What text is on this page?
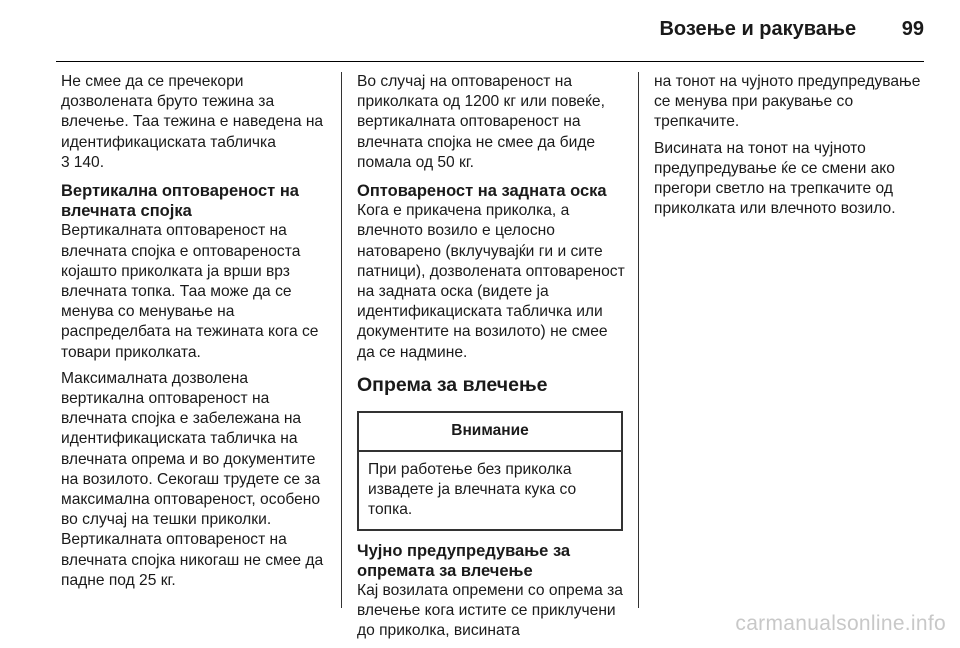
Возење и ракување 99

Не смее да се пречекори дозволената бруто тежина за влечење. Таа тежина е наведена на идентификациската табличка
3 140.

Вертикална оптовареност на влечната спојка

Вертикалната оптовареност на влечната спојка е оптовареноста којашто приколката ја врши врз влечната топка. Таа може да се менува со менување на распределбата на тежината кога се товари приколката.

Максималната дозволена вертикална оптовареност на влечната спојка е забележана на идентификациската табличка на влечната опрема и во документите на возилото. Секогаш трудете се за максимална оптовареност, особено во случај на тешки приколки. Вертикалната оптовареност на влечната спојка никогаш не смее да падне под 25 кг.

Во случај на оптовареност на приколката од 1200 кг или повеќе, вертикалната оптовареност на влечната спојка не смее да биде помала од 50 кг.

Оптовареност на задната оска

Кога е прикачена приколка, а влечното возило е целосно натоварено (вклучувајќи ги и сите патници), дозволената оптовареност на задната оска (видете ја идентификациската табличка или документите на возилото) не смее да се надмине.

Опрема за влечење
Внимание
При работење без приколка извадете ја влечната кука со топка.
Чујно предупредување за опремата за влечење

Кај возилата опремени со опрема за влечење кога истите се приклучени до приколка, висината

на тонот на чујното предупредување се менува при ракување со трепкачите.

Висината на тонот на чујното предупредување ќе се смени ако прегори светло на трепкачите од приколката или влечното возило.

carmanualsonline.info
